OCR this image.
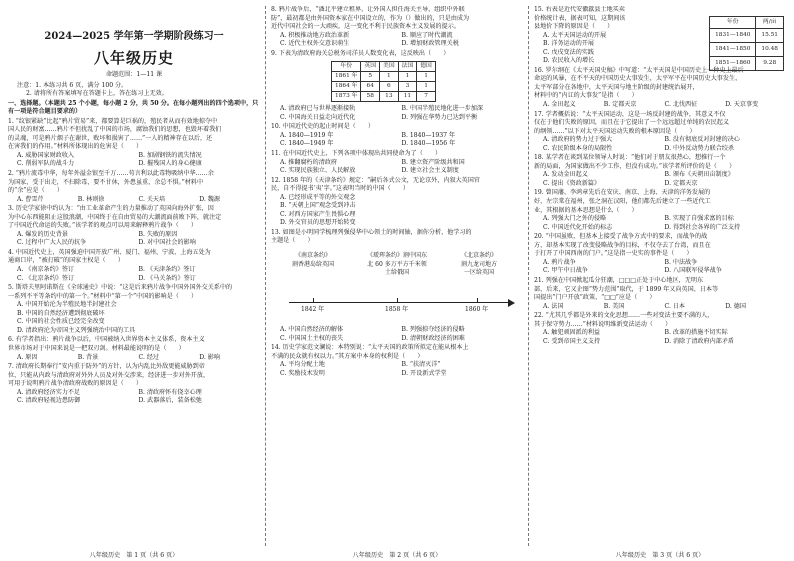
2024—2025 学年第一学期阶段练习一

八年级历史

命题范围：1—11 课

注意：1. 本练习共 6 页，满分 100 分。

2. 请将所有答案填写在答题卡上，答在练习上无效。

一、选择题。（本题共 25 个小题，每小题 2 分，共 50 分。在每小题列出的四个选项中，只有一项是符合题目要求的）

1. “纹银紧缺”比起“鸦片贸易”来，都要算是巨祸的，殖民者从而有效地掠夺中

国人民的财富……鸦片不但扰乱了中国的市场，腐蚀我们的思想，也毁坏着我们

的灵魂，可是鸦片烟子在谢世，败坏和损害了……”一人的精神存在以后，还

在害我们的作用。”材料所体现出的危害是（　　）

A. 威胁国家财政收入	B. 加剧钢铁的流失情况
C. 削弱军队的战斗力	D. 摧残国人的身心健康

2. “鸦片流毒中华，每年外溢金银至千万……苟言利以此毒物吸纳中华……余

为国家，受于出走，不扫除毒，要不甘休，外患虽重，余总不惧。”材料中

的“余”应是（　　）

A. 曹雪芹	B. 林则徐	C. 关天培	D. 魏源

3. 历史学家徐中约认为：“由工业革命产生的力量推动了英国向海外扩张，因

为中心东西能阻止这股浪潮，中国终于在自由贸易的大潮流面前败下阵，就注定

了中国近代命运的失败。”该学者的观点可以用来解释鸦片战争（　　）

A. 爆发的历史背景	B. 失败的原因
C. 过程中广大人民的抗争	D. 对中国社会的影响

4. 中国近代史上，英国强迫中国开放广州、厦门、福州、宁波、上海五处为

通商口岸，“被打破”的国家主权是（　　）

A. 《南京条约》签订	B. 《天津条约》签订
C. 《北京条约》签订	D. 《马关条约》签订

5. 斯塔夫里阿诺斯在《全球通史》中说：“这是后来鸦片战争中国外国外交关系中的

一系列不平等条约中的第一个。”材料中“第一个”中国的影响是（　　）

A. 中国开始沦为半殖民地半封建社会

B. 中国的自然经济遭到彻底破坏

C. 中国的社会性质已经完全改变

D. 清政府沦为帝国主义列强统治中国的工具

6. 有学者指出：鸦片战争以后，中国被纳入世界资本主义体系，资本主义

世界市场对于中国来说是一把双刃剑。材料最能说明的是（　　）

A. 原因	B. 背景	C. 经过	D. 影响

7. 清政府长期奉行“安内重于防外”的方针，认为内乱比外敌更能威胁到帝

位，只能从内政与清政府对外外人员及对外交涉来，经济进一步对外开放，

可用于说明鸦片战争清政府战败的原因是（　　）

A. 清政府经济实力不足	B. 清政府怀有侥幸心理
C. 清政府轻视边患防御	D. 武器落后，装备松弛

八年级历史　第 1 页（共 6 页）

8. 鸦片战争后，“潘北平建立租界，让外国人担任海关主导，组织中外联

防”，最初都是由外国资本家在中国设立的，作为（）做出的，只是由成为

近代中国社会的一大顽疾，这一变化不利于民族资本主义发展的提示。

A. 积极推动地方政治革新	B. 顺应了时代潮流
C. 近代主权外交意识萌生	D. 增加财政管理关税

9. 下表为清政府海关总税务司洋员人数变化表，这反映出（　　）

年份	英国	美国	法国	德国
1861 年	5	1	1	1
1864 年	64	6	3	1
1873 年	58	13	11	7
A. 清政府已与世界逐渐接轨	B. 中国半殖民地化进一步加深
C. 中国海关日益走向近代化	D. 列强在华势力已达到平衡

10. 中国近代史的起止时间是（　　）

A. 1840—1919 年	B. 1840—1937 年
C. 1840—1949 年	D. 1840—1956 年

11. 在中国近代史上，下列各项中体现出共同使命为了（　　）

A. 推翻腐朽的清政府	B. 建立资产阶级共和国
C. 实现民族独立、人民解放	D. 建立社会主义制度

12. 1858 年的《天津条约》规定：“嗣后各式公文，无论京外，内叙大英国官

民，自不得提书‘夷’字。”这表明当时的中国（　　）

A. 已经形成平等的外交观念

B. “天朝上国”观念受到冲击

C. 对西方国家产生畏惧心理

D. 外交官员的思想开始转变

13. 如图是小明同学梳理列强侵华中心领土的时间轴，据你分析，他学习的

主题是（　　）

《南京条约》

割香港岛给英国

《瑷珲条约》割中国东

北 60 多万平方千米领

土给俄国

《北京条约》

割九龙司地方

一区给英国

1842 年	1858 年	1860 年
A. 中国自然经济的解体	B. 列强掠夺经济的侵略
C. 中国国土主权的丧失	D. 清朝财政经济的困难

14. 历史学家范文澜说：本特别说：“太平天国的政策所拟定在能从根本上

不满的民众就有权以力。”其方案中本身的权利是（　　）

A. 平均分配土地	B. “扶清灭洋”
C. 奖励技术发明	D. 开设新式学堂

八年级历史　第 2 页（共 6 页）

年份	两/亩
1831—1840	15.51
1841—1850	10.48
1851—1860	9.28

15. 右表是近代安徽歙县土地买卖

价格统计表，据表可知，这期间该

县地价下降的原因是（　　）

A. 太平天国运动的开展

B. 洋务运动的开展

C. 戊戌变法的实践

D. 农民收入的增长

16. 罗尔纲在《太平天国史稿》中写道：“太平天国是中国历史上一种史上最后

命运的风暴，在不平天的中国历史大事发生，太平军平在中国历史大事发生，

太平军部分在各地中，太平天国与地主阶级的封建统治展开，

材料中的“内讧的大事发”是指（　　）

A. 金田起义	B. 定都天京	C. 北伐西征	D. 天京事变

17. 学者概括说：“太平天国运动，这是一场反封建的战争，其意义不仅

仅在于他们失败的原因，而且在于它提出了一个远远超过单纯的农民起义

的纲领……”以下对太平天国运动失败的根本原因是（　　）

A. 清政府的势力过于强大	B. 没有彻底反对封建的决心
C. 农民阶级本身的局限性	D. 中外反动势力联合绞杀

18. 某学者在谈到某位领导人时说：“他们对于朋友很热心，想推行一个

新的局面，为国家做出不少工作，但没有成功。”该学者所评价的是（　　）

A. 发动金田起义	B. 颁布《天朝田亩制度》
C. 提出《资政新篇》	D. 定都天京

19. 曾国藩、李鸿章先后在安庆、南京、上海、天津的洋务发展的

好，左宗棠在福州，张之洞在汉阳，他们都先后建立了一些近代工

业，其根据的基本思想是什么（　　）

A. 列强大门之外的侵略	B. 实现了自强求富的目标
C. 中国近代化开始的标志	D. 得到社会各界的广泛支持

20. “中国虽败，但基本上接受了战争方式中的要求，而战争的战

方，却基本实现了改变侵略战争的目标，不仅夺去了台湾，而且在

于打开了中国西南的门户。”这是指一史实的事件是（　　）

A. 鸦片战争	B. 中法战争
C. 甲午中日战争	D. 八国联军侵华战争

21. 列强在中国掀起瓜分狂潮，□□□正处于中心地区，无明东

部，后来，它又企图“势力范围”取代，于 1899 年又向英国、日本等

国提出“门户开放”政策，“□□”应是（　　）

A. 法国	B. 美国	C. 日本	D. 德国

22. “尤其几乎都是外来的文化思想……一些对变法主要不满的人，

其于保守势力……”材料说明维新变法运动（　　）

A. 触犯顽固派的利益	B. 改革的措施不切实际
C. 受到帝国主义支持	D. 消除了清政府内部矛盾

八年级历史　第 3 页（共 6 页）
